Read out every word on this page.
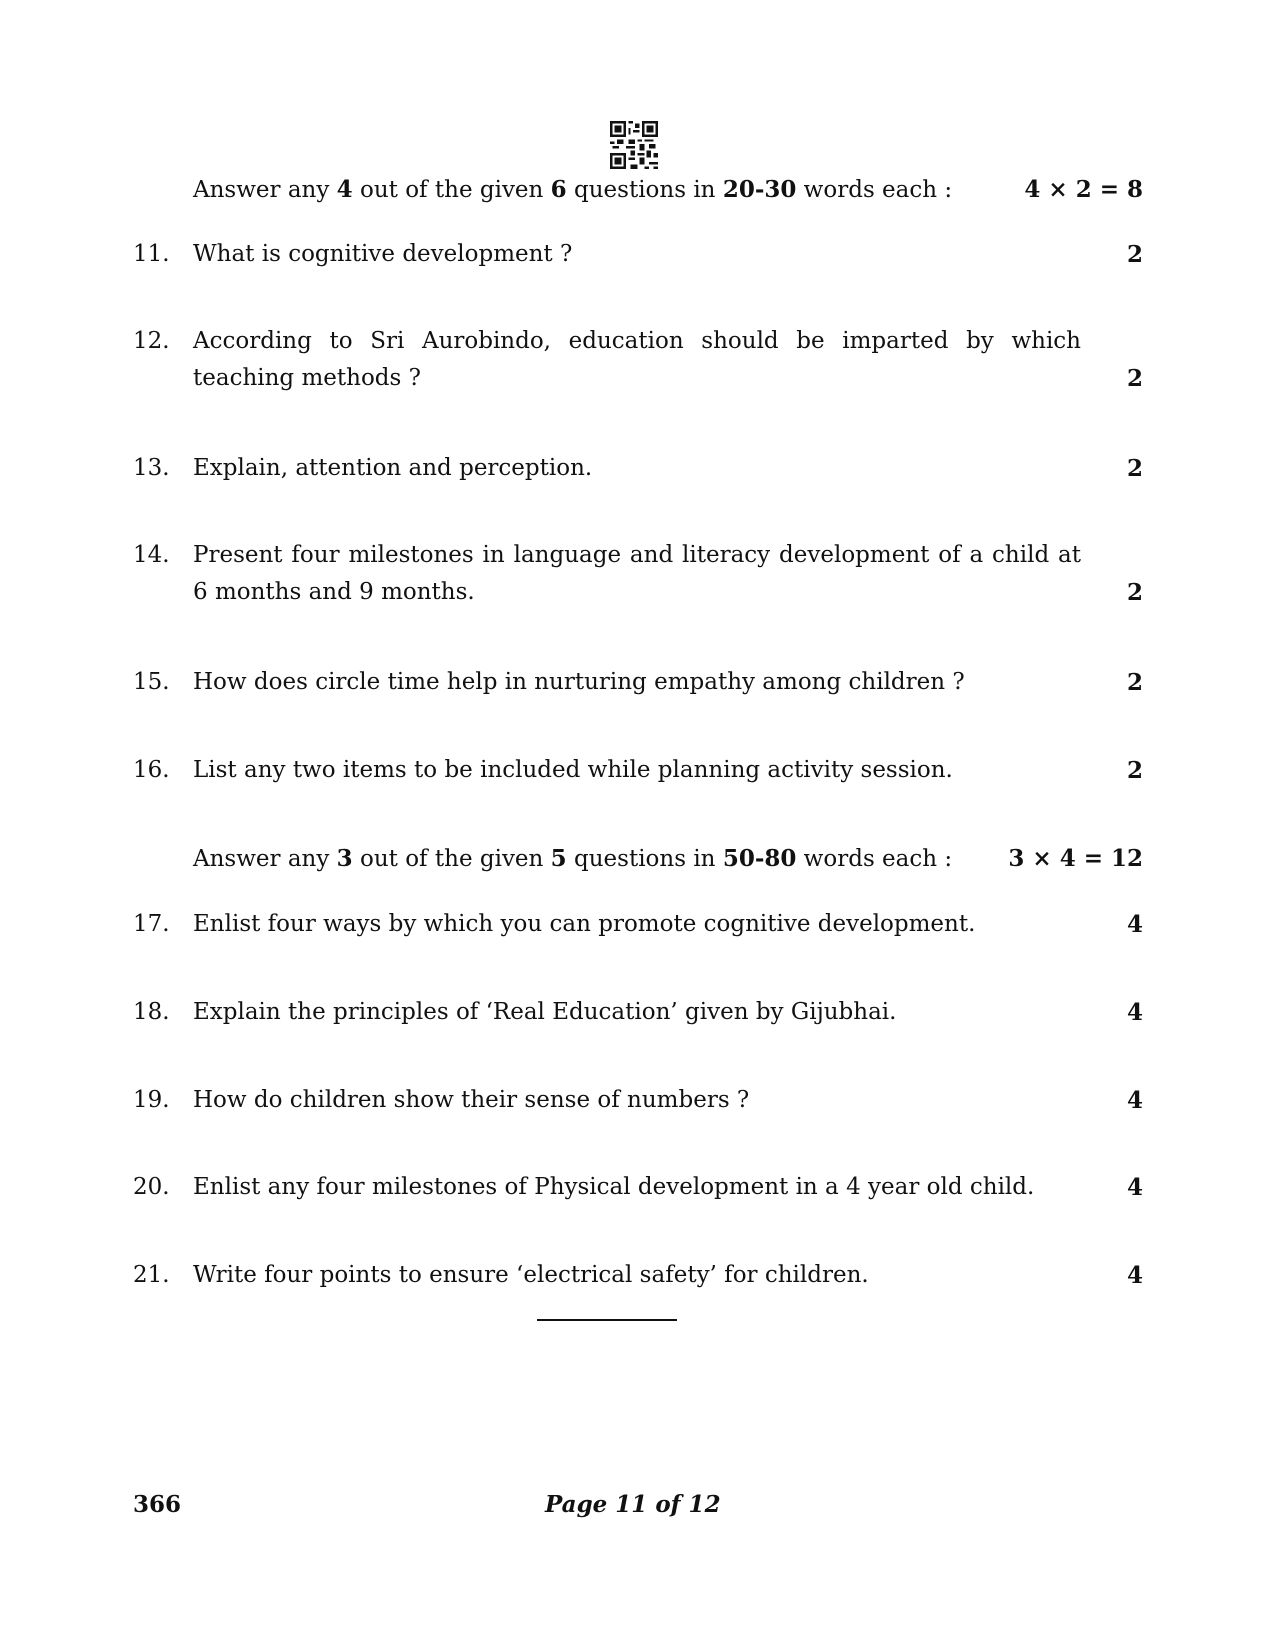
Answer any 4 out of the given 6 questions in 20-30 words each :	4 × 2 = 8
11.	What is cognitive development ?	2
12.	According to Sri Aurobindo, education should be imparted by which
teaching methods ?	2
13.	Explain, attention and perception.	2
14.	Present four milestones in language and literacy development of a child at
6 months and 9 months.	2
15.	How does circle time help in nurturing empathy among children ?	2
16.	List any two items to be included while planning activity session.	2
Answer any 3 out of the given 5 questions in 50-80 words each : 3 × 4 = 12
17.	Enlist four ways by which you can promote cognitive development.	4
18.	Explain the principles of ‘Real Education’ given by Gijubhai.	4
19.	How do children show their sense of numbers ?	4
20.	Enlist any four milestones of Physical development in a 4 year old child.	4
21.	Write four points to ensure ‘electrical safety’ for children.	4
366	Page 11 of 12
